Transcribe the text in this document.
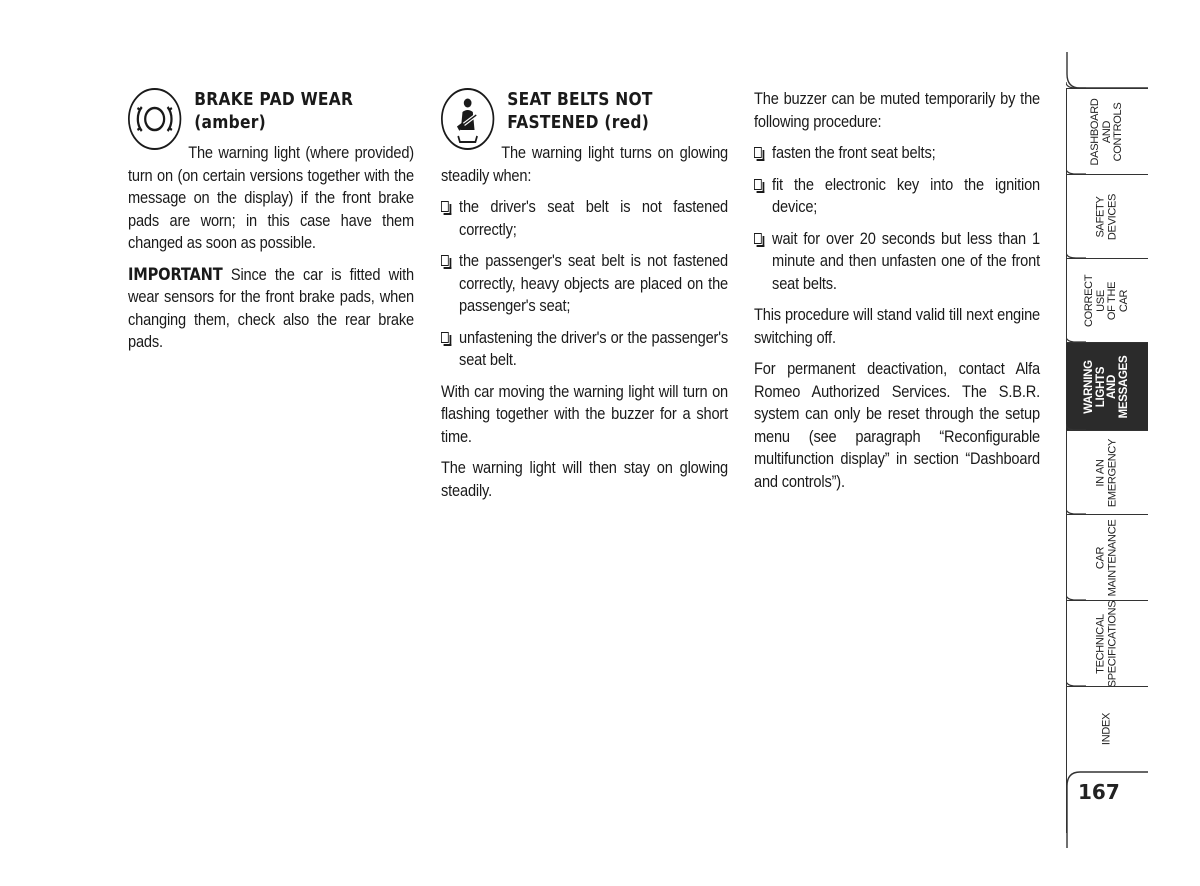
BRAKE PAD WEAR
(amber)

The warning light (where provided) turn on (on certain versions together with the message on the display) if the front brake pads are worn; in this case have them changed as soon as possible.

IMPORTANT Since the car is fitted with wear sensors for the front brake pads, when changing them, check also the rear brake pads.

SEAT BELTS NOT
FASTENED (red)

The warning light turns on glowing steadily when:

the driver's seat belt is not fastened correctly;
the passenger's seat belt is not fastened correctly, heavy objects are placed on the passenger's seat;
unfastening the driver's or the passenger's seat belt.

With car moving the warning light will turn on flashing together with the buzzer for a short time.

The warning light will then stay on glowing steadily.

The buzzer can be muted temporarily by the following procedure:

fasten the front seat belts;
fit the electronic key into the ignition device;
wait for over 20 seconds but less than 1 minute and then unfasten one of the front seat belts.

This procedure will stand valid till next engine switching off.

For permanent deactivation, contact Alfa Romeo Authorized Services. The S.B.R. system can only be reset through the setup menu (see paragraph “Reconfigurable multifunction display” in section “Dashboard and controls”).

DASHBOARD
AND
CONTROLS
SAFETY
DEVICES
CORRECT USE
OF THE CAR
WARNING
LIGHTS AND
MESSAGES
IN AN
EMERGENCY
CAR
MAINTENANCE
TECHNICAL
SPECIFICATIONS
INDEX
167
